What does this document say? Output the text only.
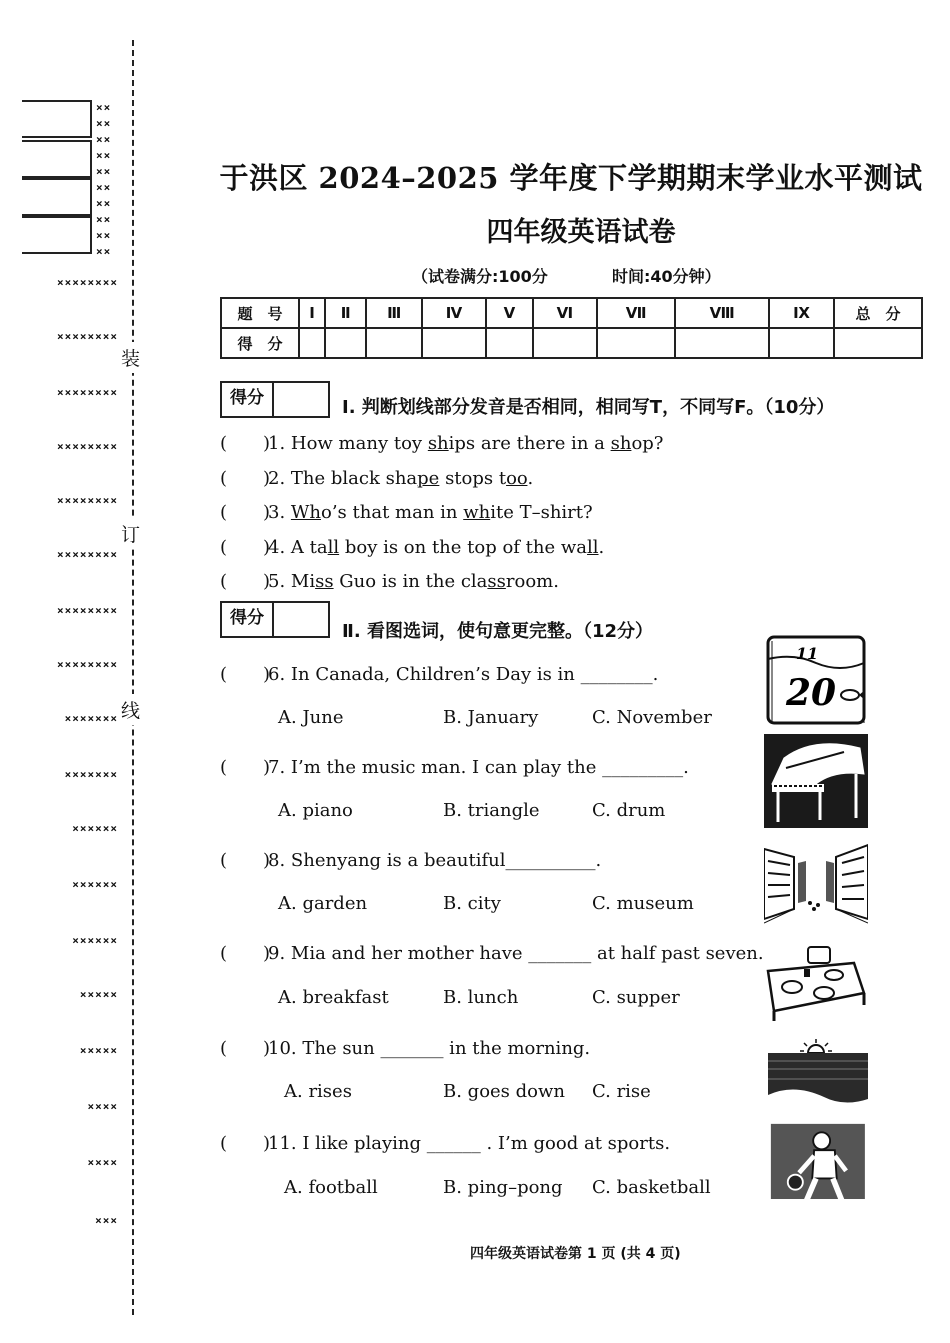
××
××
××
××
××
××
××
××
××
××
××××××××
××××××××
××××××××
××××××××
××××××××
××××××××
××××××××
××××××××
×××××××
×××××××
××××××
××××××
××××××
×××××
×××××
××××
××××
×××
装
订
线
于洪区 2024–2025 学年度下学期期末学业水平测试
四年级英语试卷
（试卷满分:100分	时间:40分钟）
题　号	Ⅰ	Ⅱ	Ⅲ	Ⅳ	Ⅴ	Ⅵ	Ⅶ	Ⅷ	Ⅸ	总　分
得　分										
得分	Ⅰ. 判断划线部分发音是否相同，相同写T，不同写F。（10分）
(　　)1. How many toy ships are there in a shop?
(　　)2. The black shape stops too.
(　　)3. Who’s that man in white T–shirt?
(　　)4. A tall boy is on the top of the wall.
(　　)5. Miss Guo is in the classroom.
得分
Ⅱ. 看图选词，使句意更完整。（12分）
(　　)6. In Canada, Children’s Day is in ________.
A. June	B. January	C. November
(　　)7. I’m the music man. I can play the _________.
A. piano	B. triangle	C. drum
(　　)8. Shenyang is a beautiful__________.
A. garden	B. city	C. museum
(　　)9. Mia and her mother have _______ at half past seven.
A. breakfast	B. lunch	C. supper
(　　)10. The sun _______ in the morning.
A. rises	B. goes down C. rise
(　　)11. I like playing ______ . I’m good at sports.
A. football	B. ping–pong C. basketball
11
20
四年级英语试卷第 1 页 (共 4 页)
